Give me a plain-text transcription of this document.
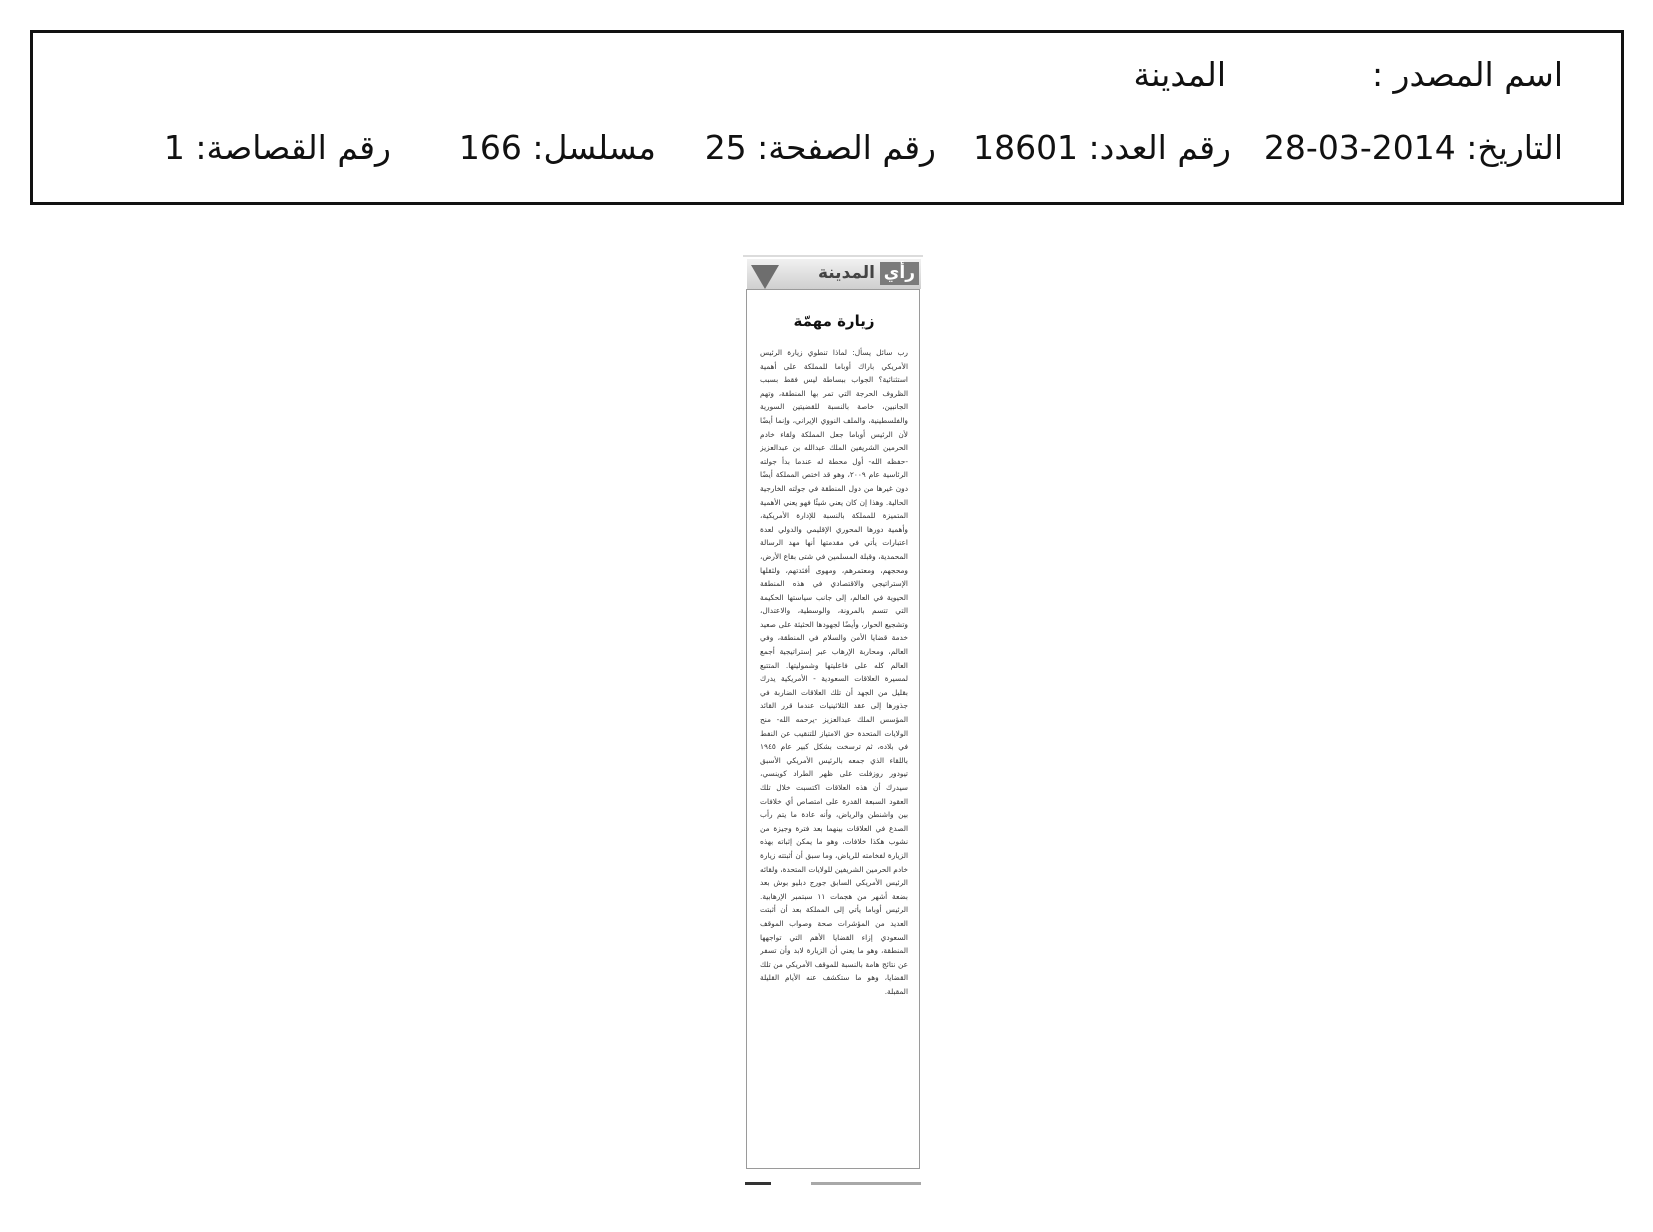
اسم المصدر :
المدينة
التاريخ: 2014-03-28
رقم العدد: 18601
رقم الصفحة: 25
مسلسل: 166
رقم القصاصة: 1
رأي
المدينة
زيارة مهمّة
رب سائل يسأل: لماذا تنطوي زيارة الرئيس الأمريكي باراك أوباما للمملكة على أهمية استثنائية؟ الجواب ببساطة ليس فقط بسبب الظروف الحرجة التي تمر بها المنطقة، وتهم الجانبين، خاصة بالنسبة للقضيتين السورية والفلسطينية، والملف النووي الإيراني، وإنما أيضًا لأن الرئيس أوباما جعل المملكة ولقاء خادم الحرمين الشريفين الملك عبدالله بن عبدالعزيز -حفظه الله- أول محطة له عندما بدأ جولته الرئاسية عام ٢٠٠٩، وهو قد اختص المملكة أيضًا دون غيرها من دول المنطقة في جولته الخارجية الحالية. وهذا إن كان يعني شيئًا فهو يعني الأهمية المتميزة للمملكة بالنسبة للإدارة الأمريكية، وأهمية دورها المحوري الإقليمي والدولي لعدة اعتبارات يأتي في مقدمتها أنها مهد الرسالة المحمدية، وقبلة المسلمين في شتى بقاع الأرض، ومحجهم، ومعتمرهم، ومهوى أفئدتهم، ولثقلها الإستراتيجي والاقتصادي في هذه المنطقة الحيوية في العالم، إلى جانب سياستها الحكيمة التي تتسم بالمرونة، والوسطية، والاعتدال، وتشجيع الحوار، وأيضًا لجهودها الحثيثة على صعيد خدمة قضايا الأمن والسلام في المنطقة، وفي العالم، ومحاربة الإرهاب عبر إستراتيجية أجمع العالم كله على فاعليتها وشموليتها. المتتبع لمسيرة العلاقات السعودية - الأمريكية يدرك بقليل من الجهد أن تلك العلاقات الضاربة في جذورها إلى عقد الثلاثينيات عندما قرر القائد المؤسس الملك عبدالعزيز -يرحمه الله- منح الولايات المتحدة حق الامتياز للتنقيب عن النفط في بلاده، ثم ترسخت بشكل كبير عام ١٩٤٥ باللقاء الذي جمعه بالرئيس الأمريكي الأسبق تيودور روزفلت على ظهر الطراد كوينسي، سيدرك أن هذه العلاقات اكتسبت خلال تلك العقود السبعة القدرة على امتصاص أي خلافات بين واشنطن والرياض، وأنه عادة ما يتم رأب الصدع في العلاقات بينهما بعد فترة وجيزة من نشوب هكذا خلافات، وهو ما يمكن إثباته بهذه الزيارة لفخامته للرياض، وما سبق أن أثبتته زيارة خادم الحرمين الشريفين للولايات المتحدة، ولقائه الرئيس الأمريكي السابق جورج دبليو بوش بعد بضعة أشهر من هجمات ١١ سبتمبر الإرهابية. الرئيس أوباما يأتي إلى المملكة بعد أن أثبتت العديد من المؤشرات صحة وصواب الموقف السعودي إزاء القضايا الأهم التي تواجهها المنطقة، وهو ما يعني أن الزيارة لابد وأن تسفر عن نتائج هامة بالنسبة للموقف الأمريكي من تلك القضايا، وهو ما ستكشف عنه الأيام القليلة المقبلة.
